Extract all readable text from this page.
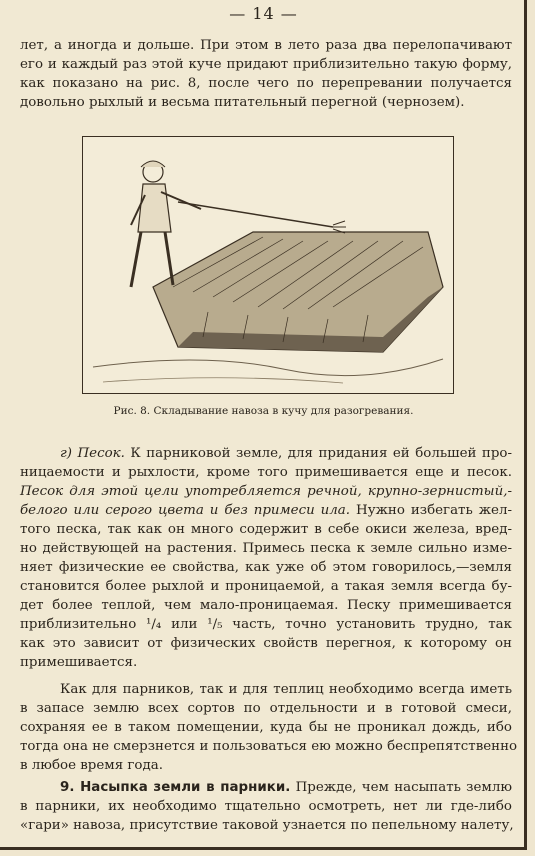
— 14 —
лет, а иногда и дольше. При этом в лето раза два перелопачивают
его и каждый раз этой куче придают приблизительно такую форму,
как показано на рис. 8, после чего по перепревании получается
довольно рыхлый и весьма питательный перегной (чернозем).
Рис. 8. Складывание навоза в кучу для разогревания.
г) Песок. К парниковой земле, для придания ей большей про-
ницаемости и рыхлости, кроме того примешивается еще и песок.
Песок для этой цели употребляется речной, крупно-зернистый,-
белого или серого цвета и без примеси ила. Нужно избегать жел-
того песка, так как он много содержит в себе окиси железа, вред-
но действующей на растения. Примесь песка к земле сильно изме-
няет физические ее свойства, как уже об этом говорилось,—земля
становится более рыхлой и проницаемой, а такая земля всегда бу-
дет более теплой, чем мало-проницаемая. Песку примешивается
приблизительно ¹/₄ или ¹/₅ часть, точно установить трудно, так
как это зависит от физических свойств перегноя, к которому он
примешивается.
Как для парников, так и для теплиц необходимо всегда иметь
в запасе землю всех сортов по отдельности и в готовой смеси,
сохраняя ее в таком помещении, куда бы не проникал дождь, ибо
тогда она не смерзнется и пользоваться ею можно беспрепятственно
в любое время года.
9. Насыпка земли в парники. Прежде, чем насыпать землю
в парники, их необходимо тщательно осмотреть, нет ли где-либо
«гари» навоза, присутствие таковой узнается по пепельному налету,
